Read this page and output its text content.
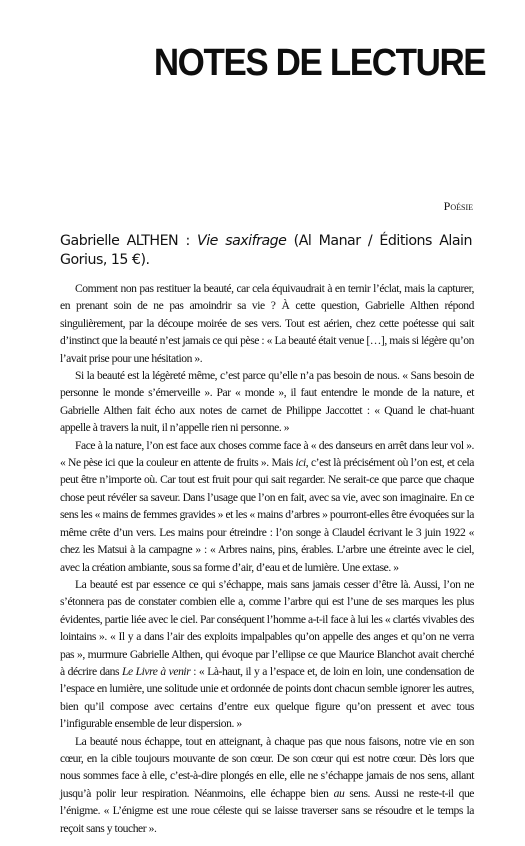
NOTES DE LECTURE
Poésie
Gabrielle ALTHEN : Vie saxifrage (Al Manar / Éditions Alain Gorius, 15 €).

Comment non pas restituer la beauté, car cela équivaudrait à en ternir l’éclat, mais la capturer, en prenant soin de ne pas amoindrir sa vie ? À cette question, Gabrielle Althen répond singulièrement, par la découpe moirée de ses vers. Tout est aérien, chez cette poétesse qui sait d’instinct que la beauté n’est jamais ce qui pèse : « La beauté était venue […], mais si légère qu’on l’avait prise pour une hésitation ».

Si la beauté est la légèreté même, c’est parce qu’elle n’a pas besoin de nous. « Sans besoin de personne le monde s’émerveille ». Par « monde », il faut entendre le monde de la nature, et Gabrielle Althen fait écho aux notes de carnet de Philippe Jaccottet : « Quand le chat-huant appelle à travers la nuit, il n’appelle rien ni personne. »

Face à la nature, l’on est face aux choses comme face à « des danseurs en arrêt dans leur vol ». « Ne pèse ici que la couleur en attente de fruits ». Mais ici, c’est là précisément où l’on est, et cela peut être n’importe où. Car tout est fruit pour qui sait regarder. Ne serait-ce que parce que chaque chose peut révéler sa saveur. Dans l’usage que l’on en fait, avec sa vie, avec son imaginaire. En ce sens les « mains de femmes gravides » et les « mains d’arbres » pourront-elles être évoquées sur la même crête d’un vers. Les mains pour étreindre : l’on songe à Claudel écrivant le 3 juin 1922 « chez les Matsui à la campagne » : « Arbres nains, pins, érables. L’arbre une étreinte avec le ciel, avec la création ambiante, sous sa forme d’air, d’eau et de lumière. Une extase. »

La beauté est par essence ce qui s’échappe, mais sans jamais cesser d’être là. Aussi, l’on ne s’étonnera pas de constater combien elle a, comme l’arbre qui est l’une de ses marques les plus évidentes, partie liée avec le ciel. Par conséquent l’homme a-t-il face à lui les « clartés vivables des lointains ». « Il y a dans l’air des exploits impalpables qu’on appelle des anges et qu’on ne verra pas », murmure Gabrielle Althen, qui évoque par l’ellipse ce que Maurice Blanchot avait cherché à décrire dans Le Livre à venir : « Là-haut, il y a l’espace et, de loin en loin, une condensation de l’espace en lumière, une solitude unie et ordonnée de points dont chacun semble ignorer les autres, bien qu’il compose avec certains d’entre eux quelque figure qu’on pressent et avec tous l’infigurable ensemble de leur dispersion. »

La beauté nous échappe, tout en atteignant, à chaque pas que nous faisons, notre vie en son cœur, en la cible toujours mouvante de son cœur. De son cœur qui est notre cœur. Dès lors que nous sommes face à elle, c’est-à-dire plongés en elle, elle ne s’échappe jamais de nos sens, allant jusqu’à polir leur respiration. Néanmoins, elle échappe bien au sens. Aussi ne reste-t-il que l’énigme. « L’énigme est une roue céleste qui se laisse traverser sans se résoudre et le temps la reçoit sans y toucher ».
